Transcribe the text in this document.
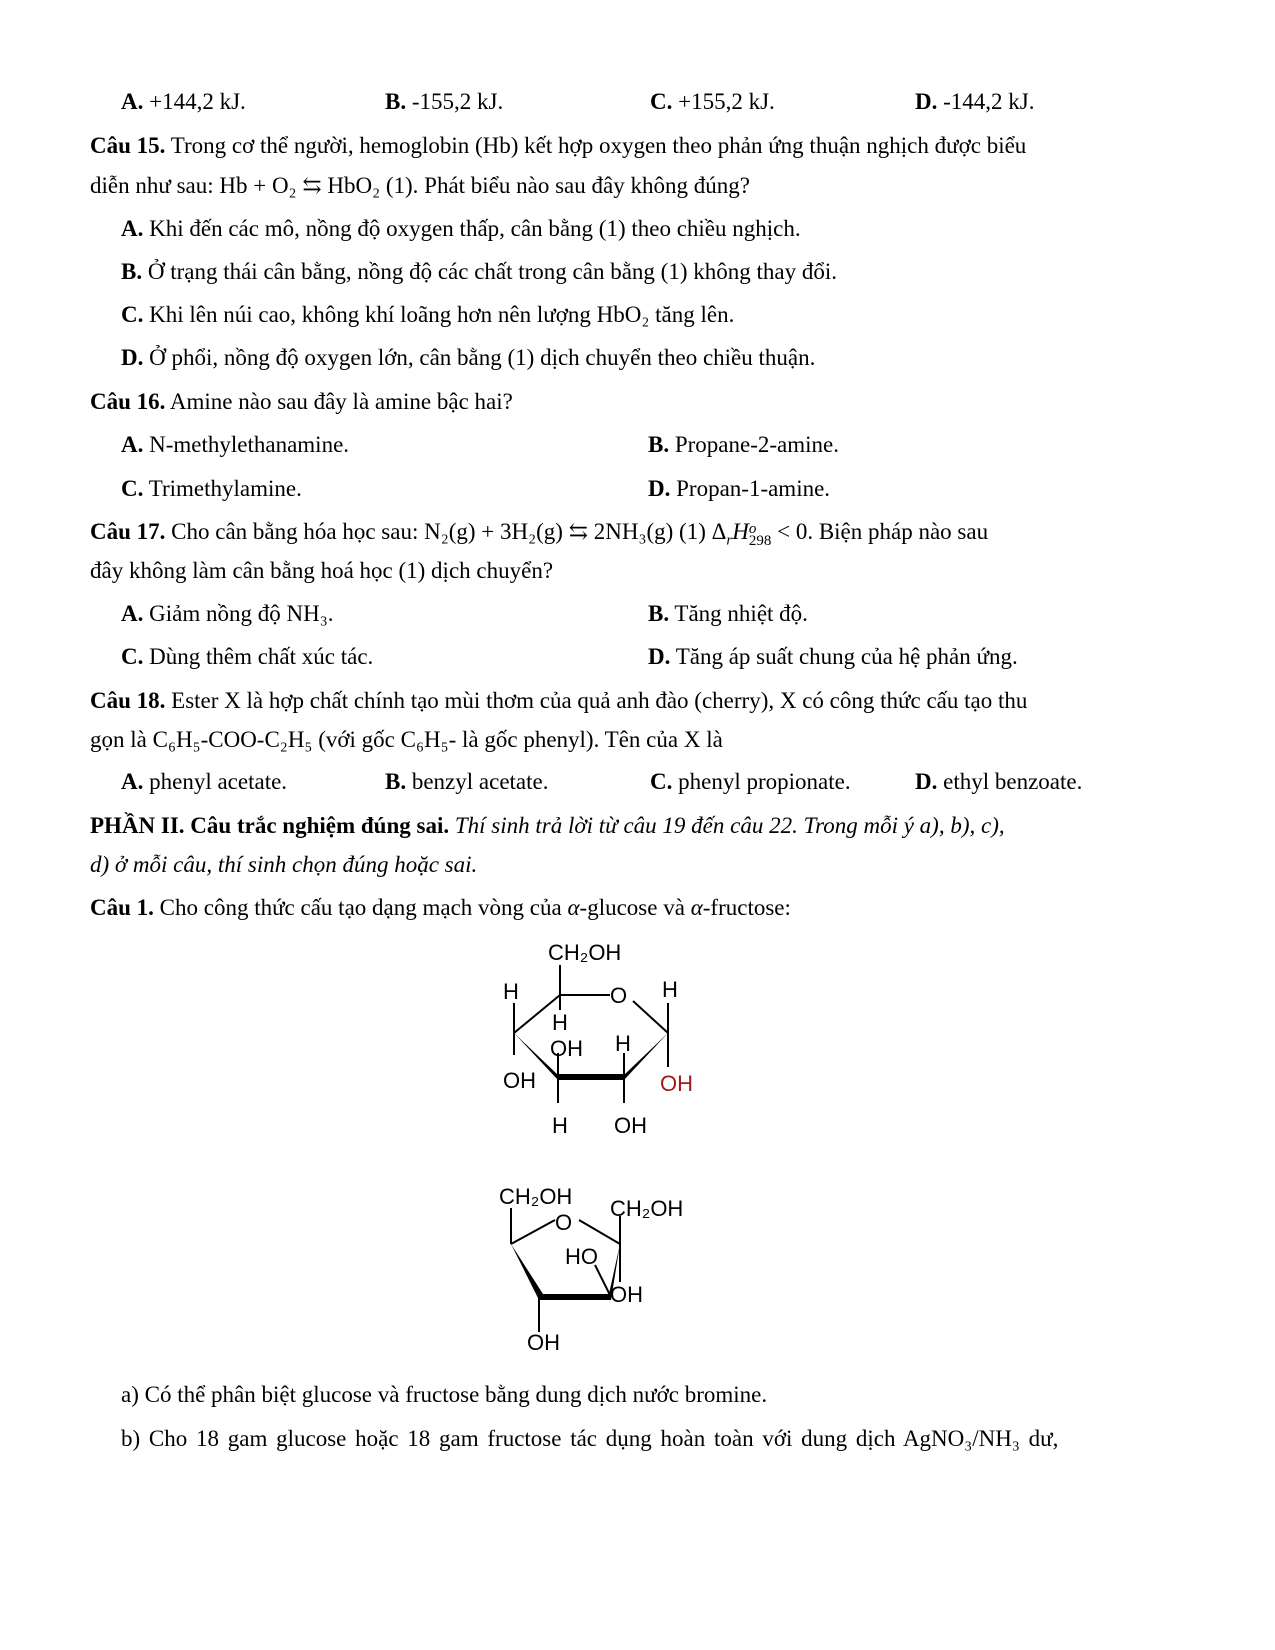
A. +144,2 kJ.	B. -155,2 kJ.	C. +155,2 kJ.	D. -144,2 kJ.
Câu 15. Trong cơ thể người, hemoglobin (Hb) kết hợp oxygen theo phản ứng thuận nghịch được biểu
diễn như sau: Hb + O₂ ⇆ HbO₂ (1). Phát biểu nào sau đây không đúng?
A. Khi đến các mô, nồng độ oxygen thấp, cân bằng (1) theo chiều nghịch.
B. Ở trạng thái cân bằng, nồng độ các chất trong cân bằng (1) không thay đổi.
C. Khi lên núi cao, không khí loãng hơn nên lượng HbO₂ tăng lên.
D. Ở phổi, nồng độ oxygen lớn, cân bằng (1) dịch chuyển theo chiều thuận.
Câu 16. Amine nào sau đây là amine bậc hai?
A. N-methylethanamine.	B. Propane-2-amine.
C. Trimethylamine.	D. Propan-1-amine.
Câu 17. Cho cân bằng hóa học sau: N₂(g) + 3H₂(g) ⇆ 2NH₃(g) (1) $\Delta_rH$ o
298 < 0. Biện pháp nào sau
đây không làm cân bằng hoá học (1) dịch chuyển?
A. Giảm nồng độ NH₃.	B. Tăng nhiệt độ.
C. Dùng thêm chất xúc tác.	D. Tăng áp suất chung của hệ phản ứng.
Câu 18. Ester X là hợp chất chính tạo mùi thơm của quả anh đào (cherry), X có công thức cấu tạo thu
gọn là C₆H₅-COO-C₂H₅ (với gốc C₆H₅- là gốc phenyl). Tên của X là
A. phenyl acetate.	B. benzyl acetate.	C. phenyl propionate.	D. ethyl benzoate.
PHẦN II. Câu trắc nghiệm đúng sai. Thí sinh trả lời từ câu 19 đến câu 22. Trong mỗi ý a), b), c),
d) ở mỗi câu, thí sinh chọn đúng hoặc sai.
Câu 1. Cho công thức cấu tạo dạng mạch vòng của α-glucose và α-fructose:
CH₂OH
H	O H
H
OH H
OH	OH
H OH
CH₂OH
O
CH₂OH
HO
OH
OH
a) Có thể phân biệt glucose và fructose bằng dung dịch nước bromine.
b) Cho 18 gam glucose hoặc 18 gam fructose tác dụng hoàn toàn với dung dịch AgNO₃/NH₃ dư,
